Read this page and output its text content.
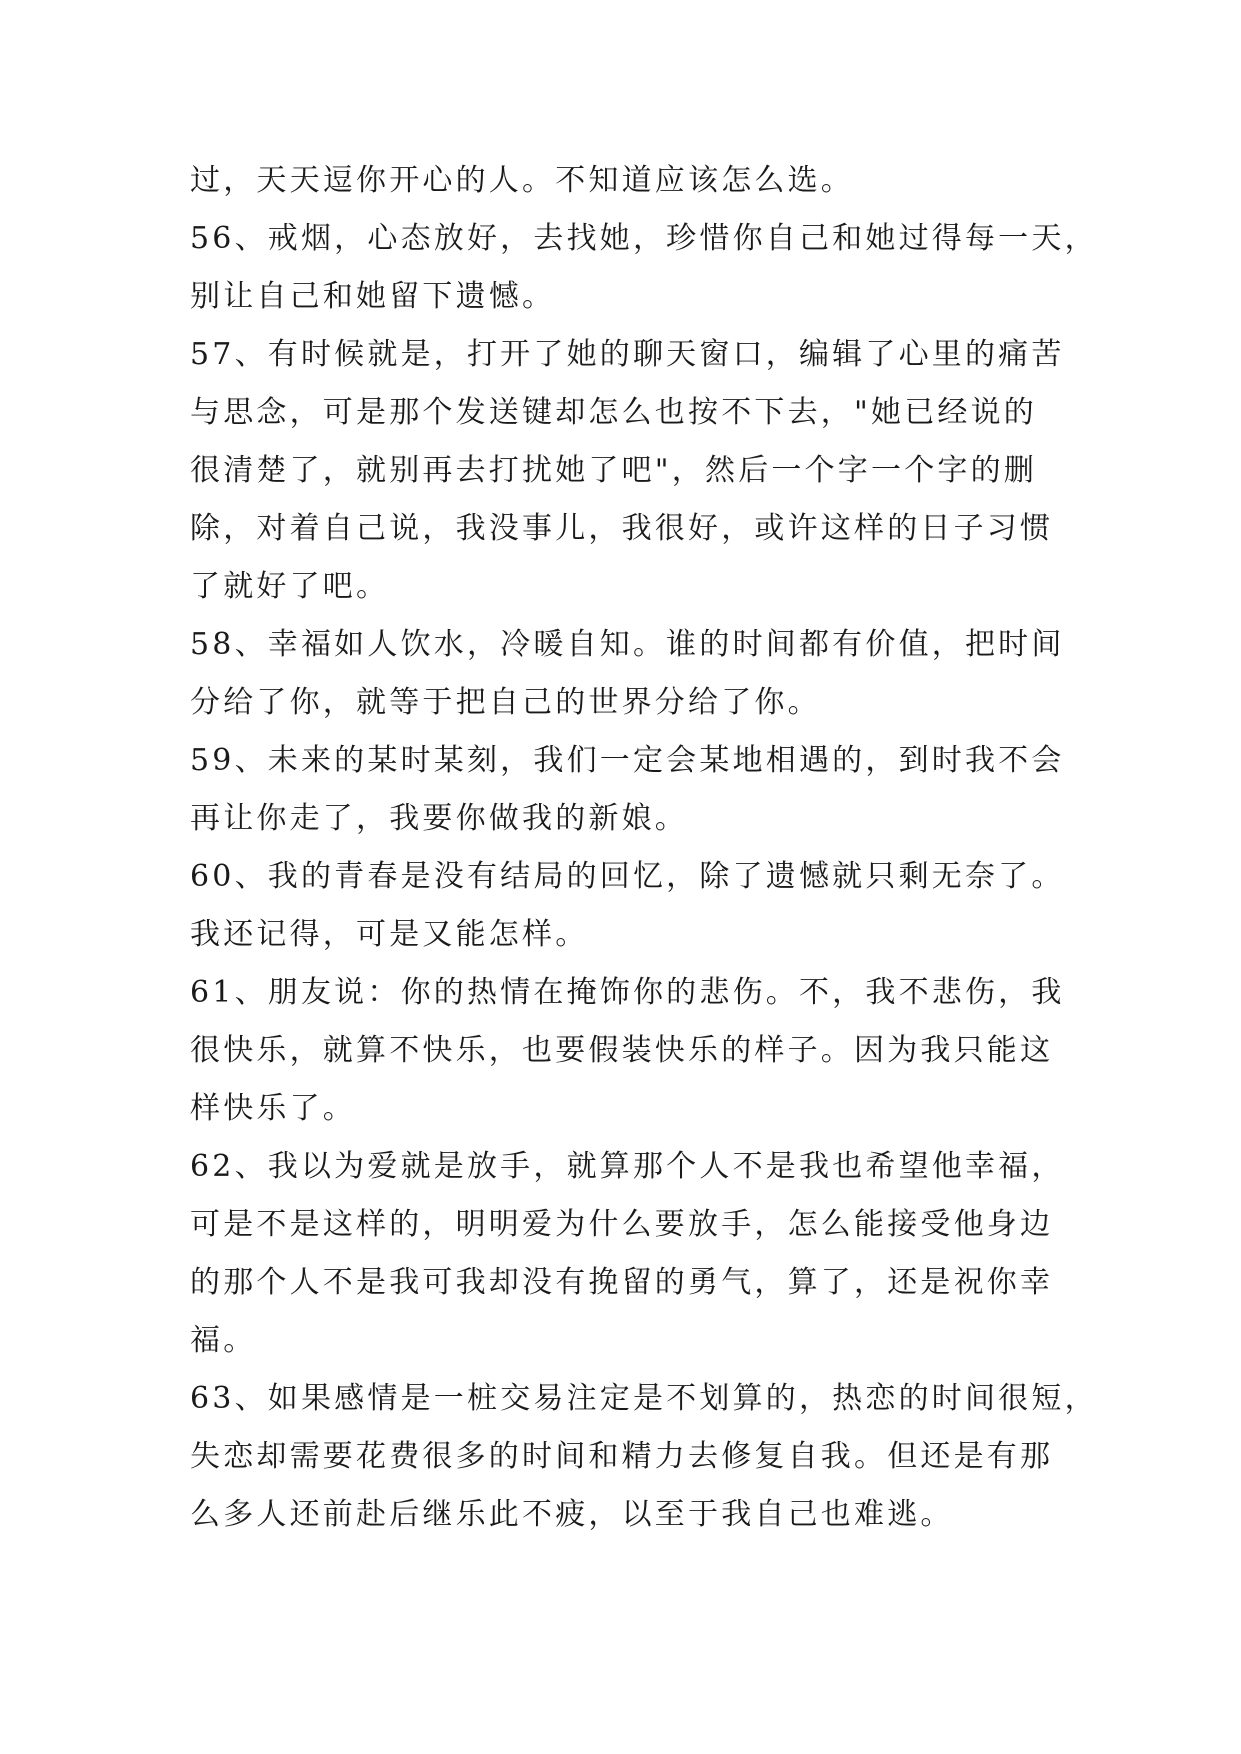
过，天天逗你开心的人。不知道应该怎么选。
56、戒烟，心态放好，去找她，珍惜你自己和她过得每一天，
别让自己和她留下遗憾。
57、有时候就是，打开了她的聊天窗口，编辑了心里的痛苦
与思念，可是那个发送键却怎么也按不下去，"她已经说的
很清楚了，就别再去打扰她了吧"，然后一个字一个字的删
除，对着自己说，我没事儿，我很好，或许这样的日子习惯
了就好了吧。
58、幸福如人饮水，冷暖自知。谁的时间都有价值，把时间
分给了你，就等于把自己的世界分给了你。
59、未来的某时某刻，我们一定会某地相遇的，到时我不会
再让你走了，我要你做我的新娘。
60、我的青春是没有结局的回忆，除了遗憾就只剩无奈了。
我还记得，可是又能怎样。
61、朋友说：你的热情在掩饰你的悲伤。不，我不悲伤，我
很快乐，就算不快乐，也要假装快乐的样子。因为我只能这
样快乐了。
62、我以为爱就是放手，就算那个人不是我也希望他幸福，
可是不是这样的，明明爱为什么要放手，怎么能接受他身边
的那个人不是我可我却没有挽留的勇气，算了，还是祝你幸
福。
63、如果感情是一桩交易注定是不划算的，热恋的时间很短，
失恋却需要花费很多的时间和精力去修复自我。但还是有那
么多人还前赴后继乐此不疲，以至于我自己也难逃。
